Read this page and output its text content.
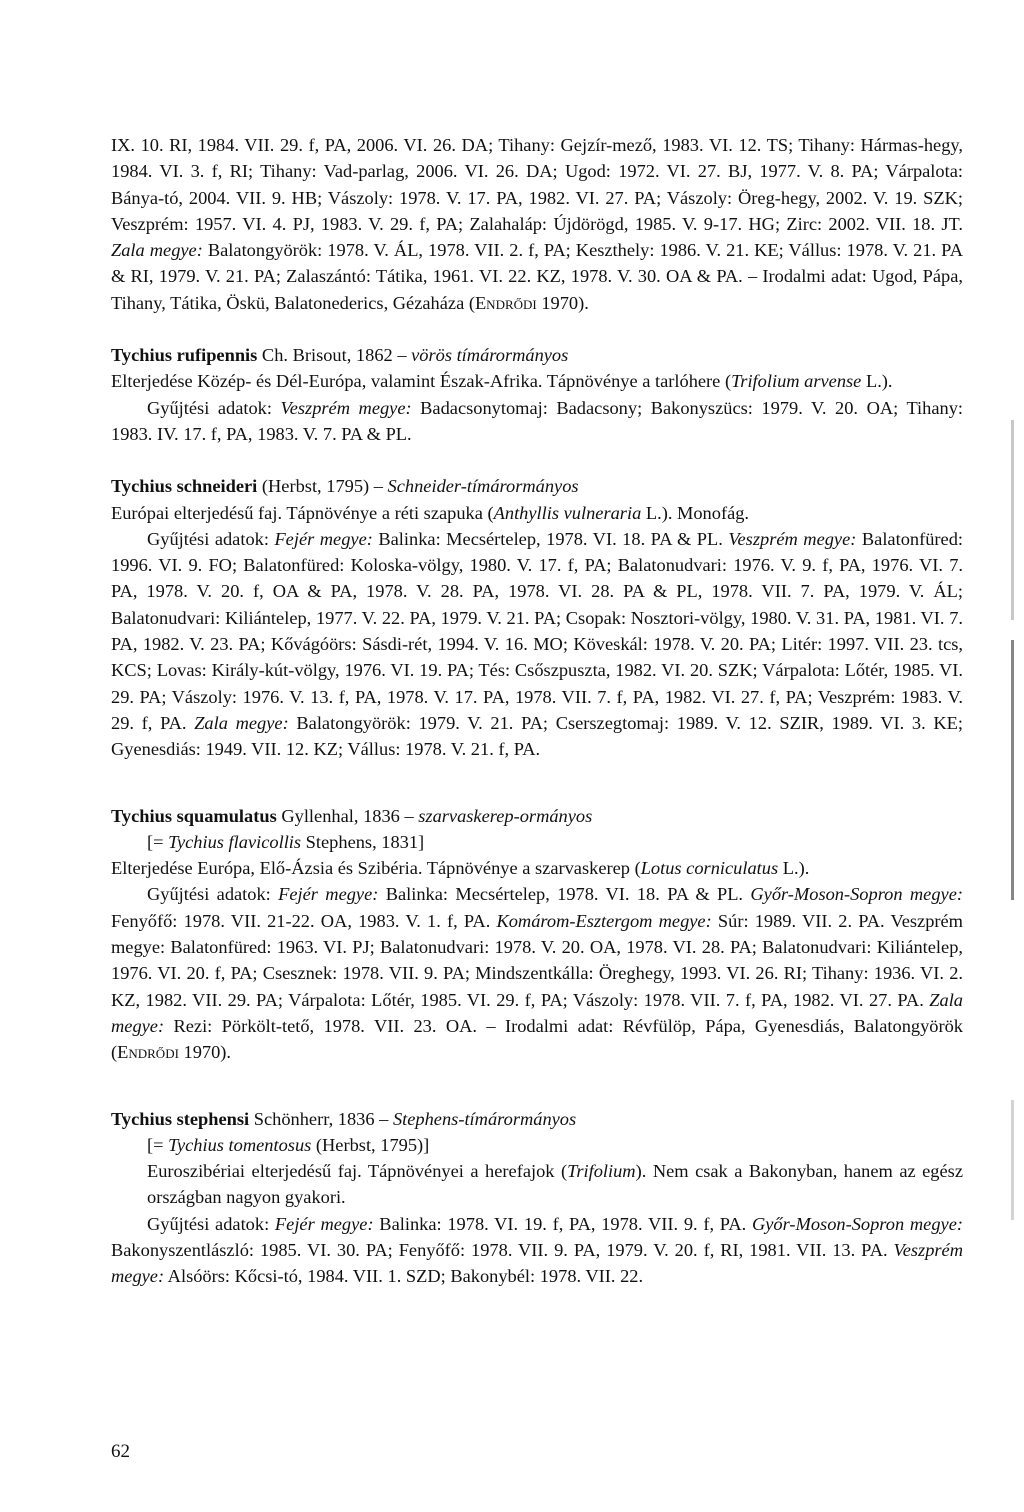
IX. 10. RI, 1984. VII. 29. f, PA, 2006. VI. 26. DA; Tihany: Gejzír-mező, 1983. VI. 12. TS; Tihany: Hármas-hegy, 1984. VI. 3. f, RI; Tihany: Vad-parlag, 2006. VI. 26. DA; Ugod: 1972. VI. 27. BJ, 1977. V. 8. PA; Várpalota: Bánya-tó, 2004. VII. 9. HB; Vászoly: 1978. V. 17. PA, 1982. VI. 27. PA; Vászoly: Öreg-hegy, 2002. V. 19. SZK; Veszprém: 1957. VI. 4. PJ, 1983. V. 29. f, PA; Zalahaláp: Újdörögd, 1985. V. 9-17. HG; Zirc: 2002. VII. 18. JT. Zala megye: Balatongyörök: 1978. V. ÁL, 1978. VII. 2. f, PA; Keszthely: 1986. V. 21. KE; Vállus: 1978. V. 21. PA & RI, 1979. V. 21. PA; Zalaszántó: Tátika, 1961. VI. 22. KZ, 1978. V. 30. OA & PA. – Irodalmi adat: Ugod, Pápa, Tihany, Tátika, Öskü, Balatonederics, Gézaháza (Endrődi 1970).

Tychius rufipennis Ch. Brisout, 1862 – vörös tímárormányos

Elterjedése Közép- és Dél-Európa, valamint Észak-Afrika. Tápnövénye a tarlóhere (Trifolium arvense L.).

Gyűjtési adatok: Veszprém megye: Badacsonytomaj: Badacsony; Bakonyszücs: 1979. V. 20. OA; Tihany: 1983. IV. 17. f, PA, 1983. V. 7. PA & PL.

Tychius schneideri (Herbst, 1795) – Schneider-tímárormányos

Európai elterjedésű faj. Tápnövénye a réti szapuka (Anthyllis vulneraria L.). Monofág.

Gyűjtési adatok: Fejér megye: Balinka: Mecsértelep, 1978. VI. 18. PA & PL. Veszprém megye: Balatonfüred: 1996. VI. 9. FO; Balatonfüred: Koloska-völgy, 1980. V. 17. f, PA; Balatonudvari: 1976. V. 9. f, PA, 1976. VI. 7. PA, 1978. V. 20. f, OA & PA, 1978. V. 28. PA, 1978. VI. 28. PA & PL, 1978. VII. 7. PA, 1979. V. ÁL; Balatonudvari: Kiliántelep, 1977. V. 22. PA, 1979. V. 21. PA; Csopak: Nosztori-völgy, 1980. V. 31. PA, 1981. VI. 7. PA, 1982. V. 23. PA; Kővágóörs: Sásdi-rét, 1994. V. 16. MO; Köveskál: 1978. V. 20. PA; Litér: 1997. VII. 23. tcs, KCS; Lovas: Király-kút-völgy, 1976. VI. 19. PA; Tés: Csőszpuszta, 1982. VI. 20. SZK; Várpalota: Lőtér, 1985. VI. 29. PA; Vászoly: 1976. V. 13. f, PA, 1978. V. 17. PA, 1978. VII. 7. f, PA, 1982. VI. 27. f, PA; Veszprém: 1983. V. 29. f, PA. Zala megye: Balatongyörök: 1979. V. 21. PA; Cserszegtomaj: 1989. V. 12. SZIR, 1989. VI. 3. KE; Gyenesdiás: 1949. VII. 12. KZ; Vállus: 1978. V. 21. f, PA.

Tychius squamulatus Gyllenhal, 1836 – szarvaskerep-ormányos

[= Tychius flavicollis Stephens, 1831]

Elterjedése Európa, Elő-Ázsia és Szibéria. Tápnövénye a szarvaskerep (Lotus corniculatus L.).

Gyűjtési adatok: Fejér megye: Balinka: Mecsértelep, 1978. VI. 18. PA & PL. Győr-Moson-Sopron megye: Fenyőfő: 1978. VII. 21-22. OA, 1983. V. 1. f, PA. Komárom-Esztergom megye: Súr: 1989. VII. 2. PA. Veszprém megye: Balatonfüred: 1963. VI. PJ; Balatonudvari: 1978. V. 20. OA, 1978. VI. 28. PA; Balatonudvari: Kiliántelep, 1976. VI. 20. f, PA; Csesznek: 1978. VII. 9. PA; Mindszentkálla: Öreghegy, 1993. VI. 26. RI; Tihany: 1936. VI. 2. KZ, 1982. VII. 29. PA; Várpalota: Lőtér, 1985. VI. 29. f, PA; Vászoly: 1978. VII. 7. f, PA, 1982. VI. 27. PA. Zala megye: Rezi: Pörkölt-tető, 1978. VII. 23. OA. – Irodalmi adat: Révfülöp, Pápa, Gyenesdiás, Balatongyörök (Endrődi 1970).

Tychius stephensi Schönherr, 1836 – Stephens-tímárormányos

[= Tychius tomentosus (Herbst, 1795)]

Euroszibériai elterjedésű faj. Tápnövényei a herefajok (Trifolium). Nem csak a Bakonyban, hanem az egész országban nagyon gyakori.

Gyűjtési adatok: Fejér megye: Balinka: 1978. VI. 19. f, PA, 1978. VII. 9. f, PA. Győr-Moson-Sopron megye: Bakonyszentlászló: 1985. VI. 30. PA; Fenyőfő: 1978. VII. 9. PA, 1979. V. 20. f, RI, 1981. VII. 13. PA. Veszprém megye: Alsóörs: Kőcsi-tó, 1984. VII. 1. SZD; Bakonybél: 1978. VII. 22.

62
